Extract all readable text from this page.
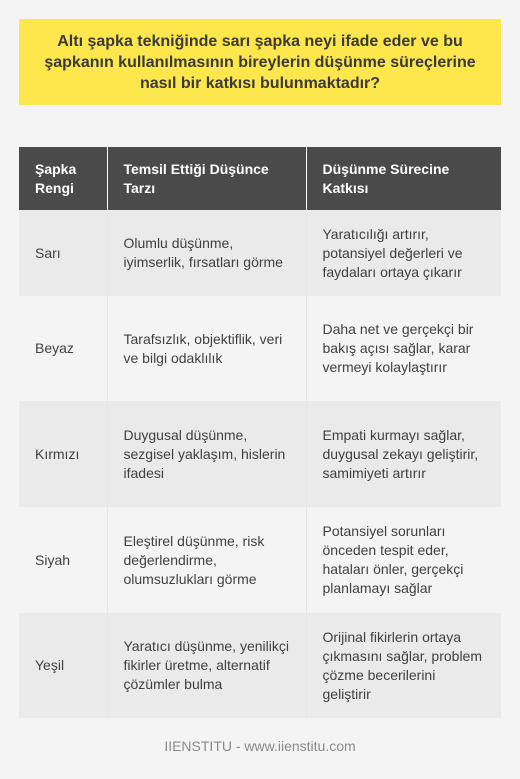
Altı şapka tekniğinde sarı şapka neyi ifade eder ve bu şapkanın kullanılmasının bireylerin düşünme süreçlerine nasıl bir katkısı bulunmaktadır?
Şapka Rengi	Temsil Ettiği Düşünce Tarzı	Düşünme Sürecine Katkısı
Sarı	Olumlu düşünme, iyimserlik, fırsatları görme	Yaratıcılığı artırır, potansiyel değerleri ve faydaları ortaya çıkarır
Beyaz	Tarafsızlık, objektiflik, veri ve bilgi odaklılık	Daha net ve gerçekçi bir bakış açısı sağlar, karar vermeyi kolaylaştırır
Kırmızı	Duygusal düşünme, sezgisel yaklaşım, hislerin ifadesi	Empati kurmayı sağlar, duygusal zekayı geliştirir, samimiyeti artırır
Siyah	Eleştirel düşünme, risk değerlendirme, olumsuzlukları görme	Potansiyel sorunları önceden tespit eder, hataları önler, gerçekçi planlamayı sağlar
Yeşil	Yaratıcı düşünme, yenilikçi fikirler üretme, alternatif çözümler bulma	Orijinal fikirlerin ortaya çıkmasını sağlar, problem çözme becerilerini geliştirir
IIENSTITU - www.iienstitu.com
